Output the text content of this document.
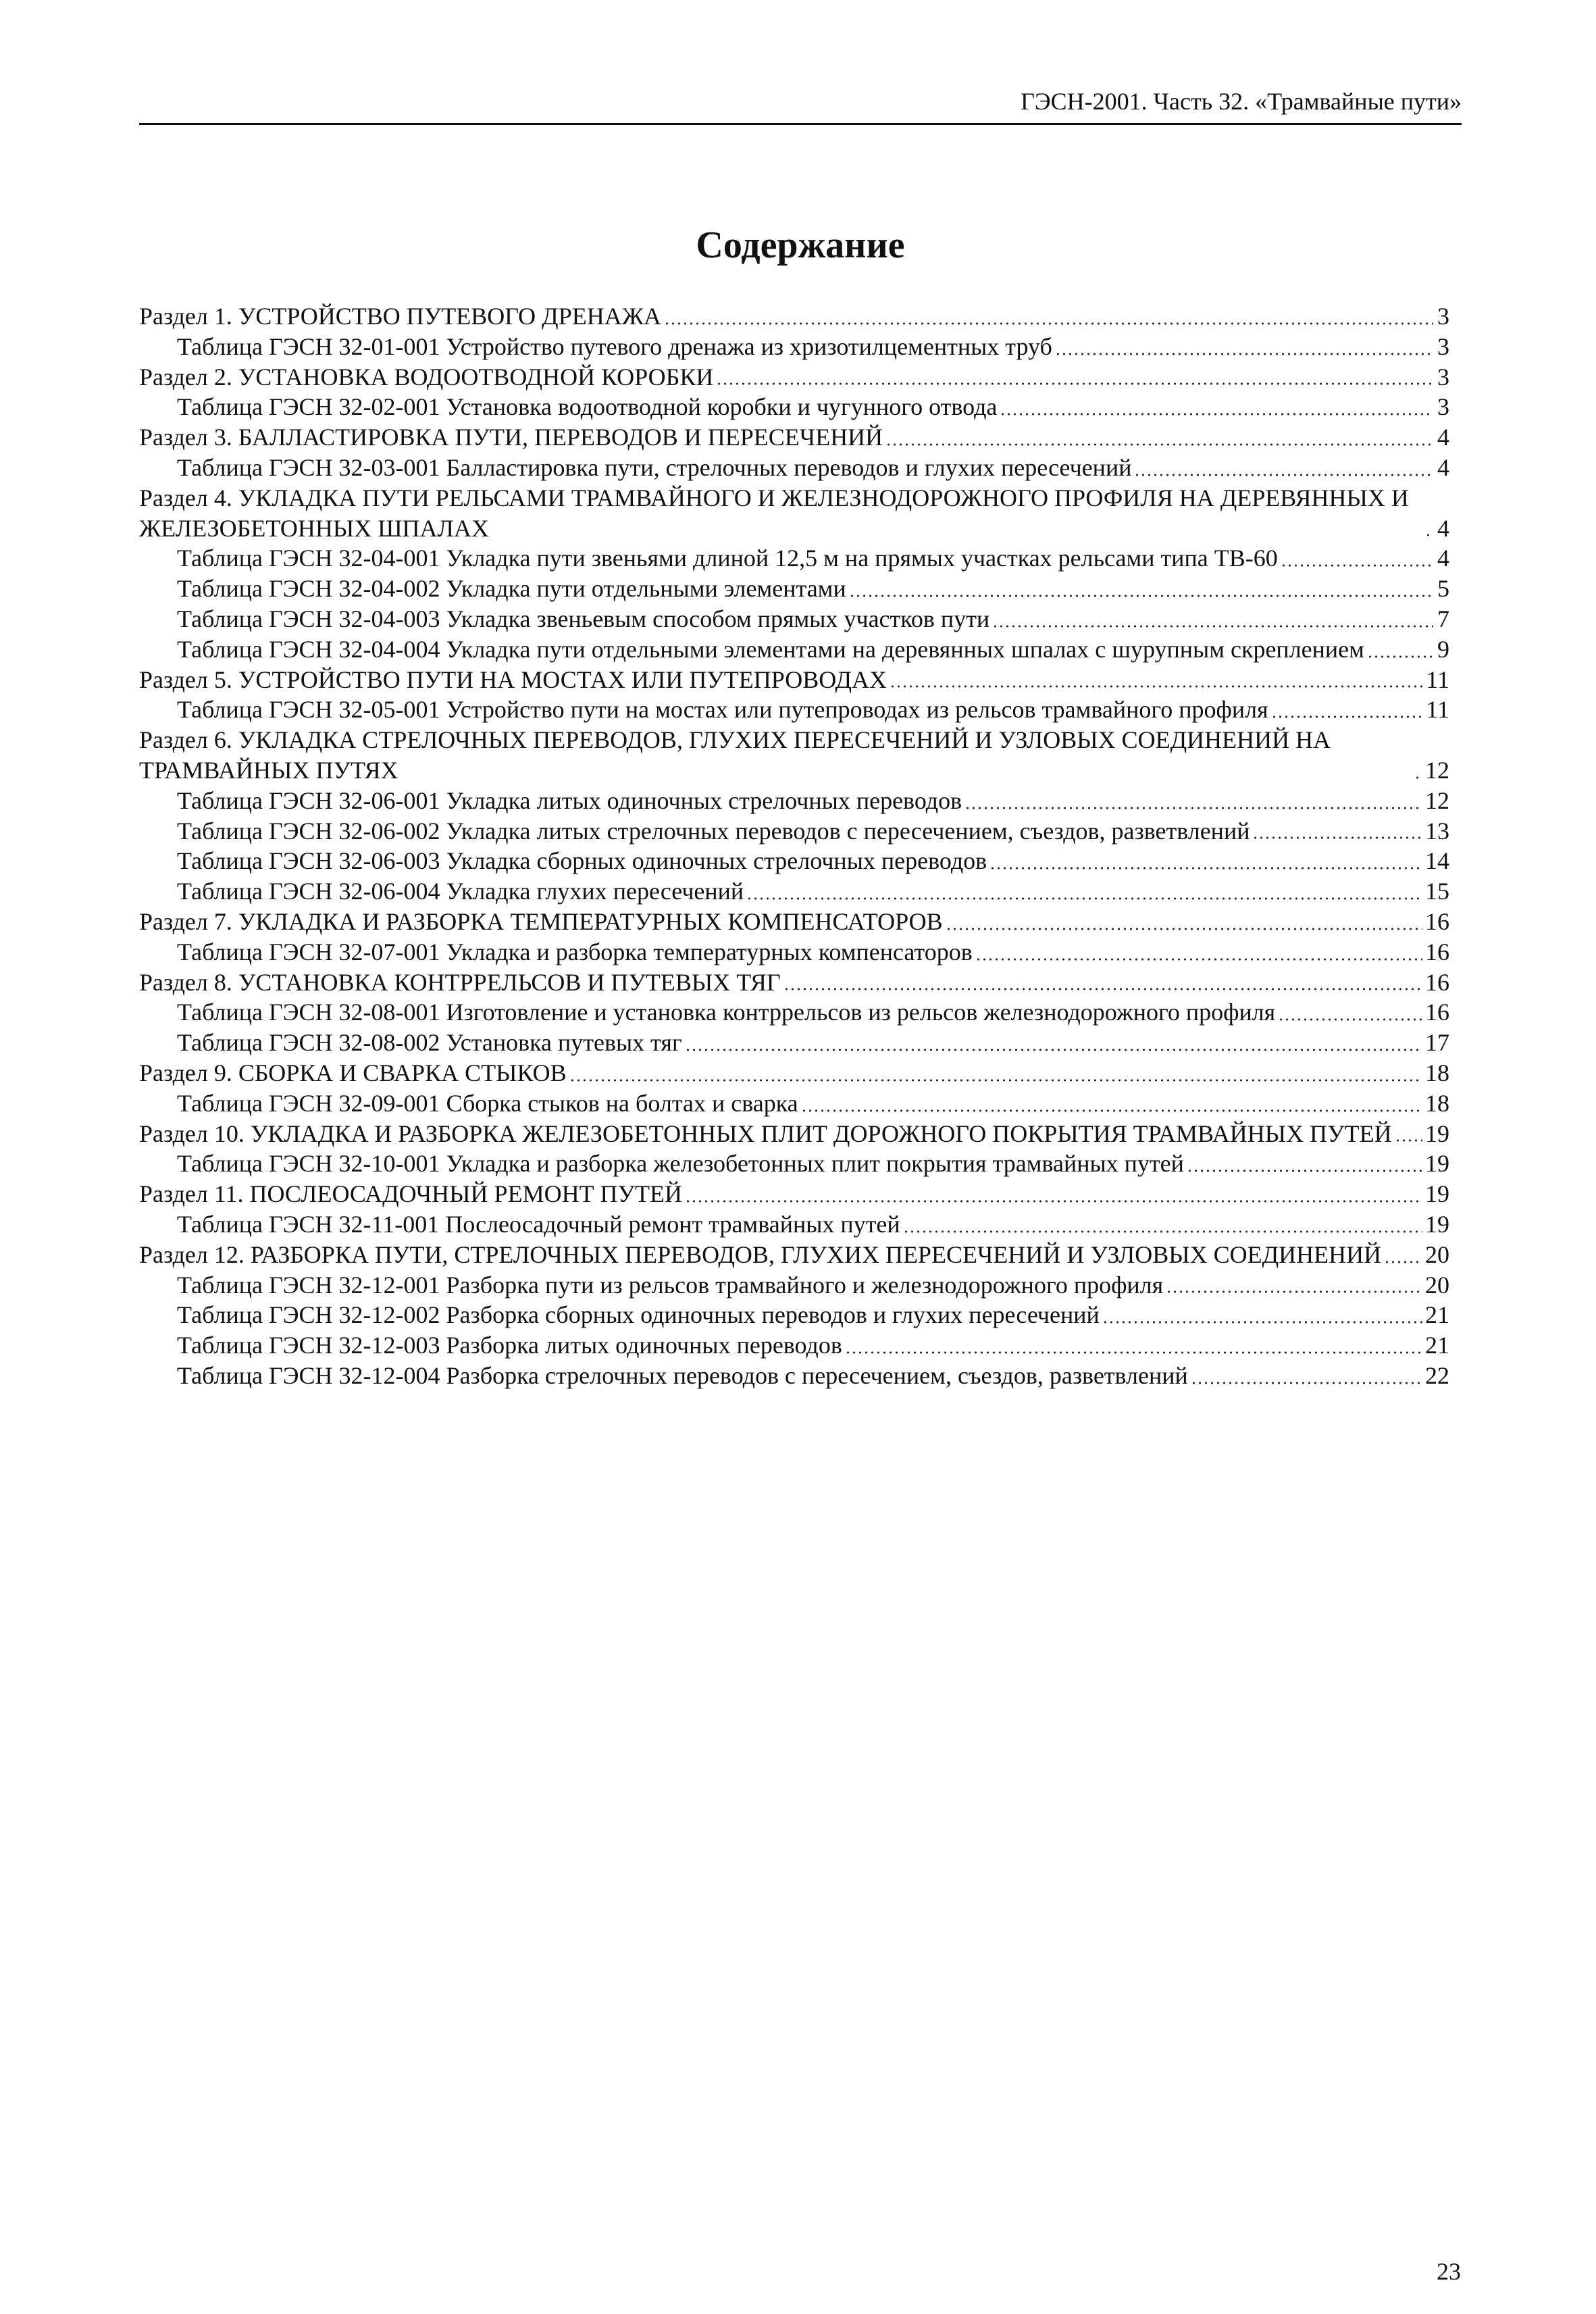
ГЭСН-2001. Часть 32. «Трамвайные пути»
Содержание
Раздел 1. УСТРОЙСТВО ПУТЕВОГО ДРЕНАЖА	3
Таблица ГЭСН 32-01-001 Устройство путевого дренажа из хризотилцементных труб	3
Раздел 2. УСТАНОВКА ВОДООТВОДНОЙ КОРОБКИ	3
Таблица ГЭСН 32-02-001 Установка водоотводной коробки и чугунного отвода	3
Раздел 3. БАЛЛАСТИРОВКА ПУТИ, ПЕРЕВОДОВ И ПЕРЕСЕЧЕНИЙ	4
Таблица ГЭСН 32-03-001 Балластировка пути, стрелочных переводов и глухих пересечений	4
Раздел 4. УКЛАДКА ПУТИ РЕЛЬСАМИ ТРАМВАЙНОГО И ЖЕЛЕЗНОДОРОЖНОГО ПРОФИЛЯ НА ДЕРЕВЯННЫХ И ЖЕЛЕЗОБЕТОННЫХ ШПАЛАХ	4
Таблица ГЭСН 32-04-001 Укладка пути звеньями длиной 12,5 м на прямых участках рельсами типа ТВ-60	4
Таблица ГЭСН 32-04-002 Укладка пути отдельными элементами	5
Таблица ГЭСН 32-04-003 Укладка звеньевым способом прямых участков пути	7
Таблица ГЭСН 32-04-004 Укладка пути отдельными элементами на деревянных шпалах с шурупным скреплением	9
Раздел 5. УСТРОЙСТВО ПУТИ НА МОСТАХ ИЛИ ПУТЕПРОВОДАХ	11
Таблица ГЭСН 32-05-001 Устройство пути на мостах или путепроводах из рельсов трамвайного профиля	11
Раздел 6. УКЛАДКА СТРЕЛОЧНЫХ ПЕРЕВОДОВ, ГЛУХИХ ПЕРЕСЕЧЕНИЙ И УЗЛОВЫХ СОЕДИНЕНИЙ НА ТРАМВАЙНЫХ ПУТЯХ	12
Таблица ГЭСН 32-06-001 Укладка литых одиночных стрелочных переводов	12
Таблица ГЭСН 32-06-002 Укладка литых стрелочных переводов с пересечением, съездов, разветвлений	13
Таблица ГЭСН 32-06-003 Укладка сборных одиночных стрелочных переводов	14
Таблица ГЭСН 32-06-004 Укладка глухих пересечений	15
Раздел 7. УКЛАДКА И РАЗБОРКА ТЕМПЕРАТУРНЫХ КОМПЕНСАТОРОВ	16
Таблица ГЭСН 32-07-001 Укладка и разборка температурных компенсаторов	16
Раздел 8. УСТАНОВКА КОНТРРЕЛЬСОВ И ПУТЕВЫХ ТЯГ	16
Таблица ГЭСН 32-08-001 Изготовление и установка контррельсов из рельсов железнодорожного профиля	16
Таблица ГЭСН 32-08-002 Установка путевых тяг	17
Раздел 9. СБОРКА И СВАРКА СТЫКОВ	18
Таблица ГЭСН 32-09-001 Сборка стыков на болтах и сварка	18
Раздел 10. УКЛАДКА И РАЗБОРКА ЖЕЛЕЗОБЕТОННЫХ ПЛИТ ДОРОЖНОГО ПОКРЫТИЯ ТРАМВАЙНЫХ ПУТЕЙ 19
Таблица ГЭСН 32-10-001 Укладка и разборка железобетонных плит покрытия трамвайных путей	19
Раздел 11. ПОСЛЕОСАДОЧНЫЙ РЕМОНТ ПУТЕЙ	19
Таблица ГЭСН 32-11-001 Послеосадочный ремонт трамвайных путей	19
Раздел 12. РАЗБОРКА ПУТИ, СТРЕЛОЧНЫХ ПЕРЕВОДОВ, ГЛУХИХ ПЕРЕСЕЧЕНИЙ И УЗЛОВЫХ СОЕДИНЕНИЙ 20
Таблица ГЭСН 32-12-001 Разборка пути из рельсов трамвайного и железнодорожного профиля	20
Таблица ГЭСН 32-12-002 Разборка сборных одиночных переводов и глухих пересечений	21
Таблица ГЭСН 32-12-003 Разборка литых одиночных переводов	21
Таблица ГЭСН 32-12-004 Разборка стрелочных переводов с пересечением, съездов, разветвлений	22
23
